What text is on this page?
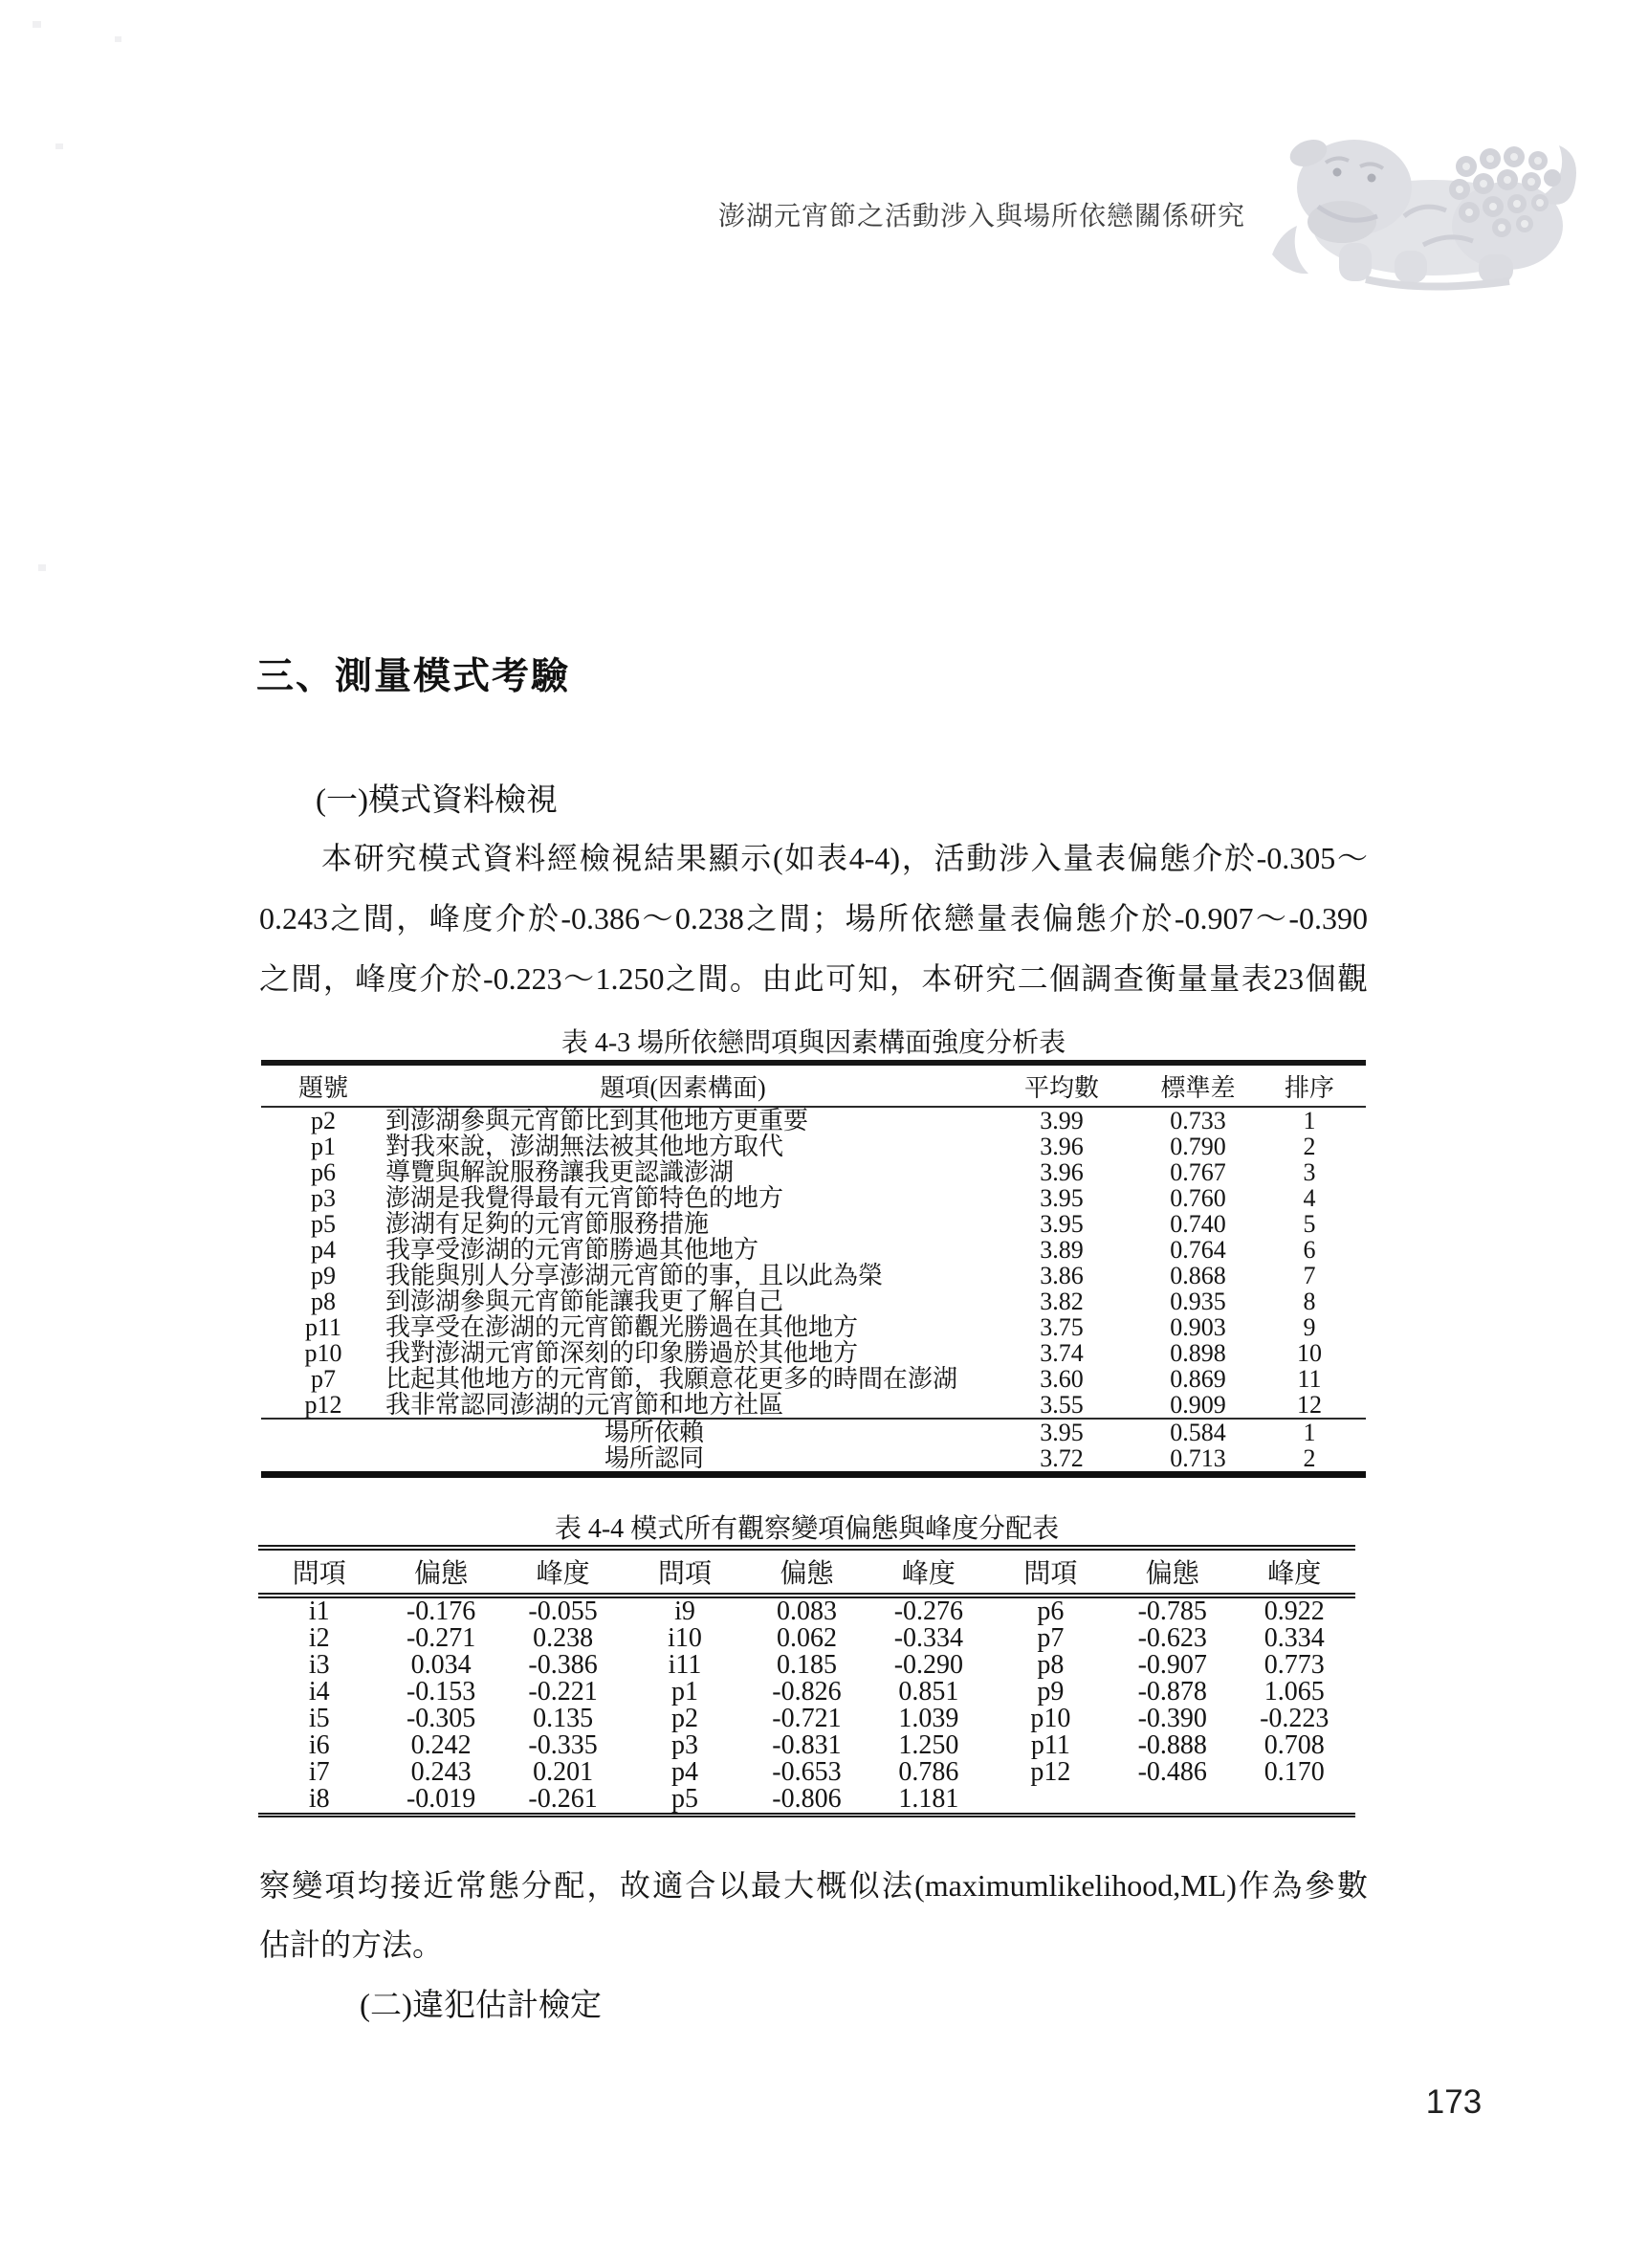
澎湖元宵節之活動涉入與場所依戀關係研究
三、測量模式考驗
(一)模式資料檢視
本研究模式資料經檢視結果顯示(如表4-4)，活動涉入量表偏態介於-0.305～
0.243之間，峰度介於-0.386～0.238之間；場所依戀量表偏態介於-0.907～-0.390
之間，峰度介於-0.223～1.250之間。由此可知，本研究二個調查衡量量表23個觀
表 4-3 場所依戀問項與因素構面強度分析表
題號	題項(因素構面)	平均數	標準差	排序
p2	到澎湖參與元宵節比到其他地方更重要	3.99	0.733	1
p1	對我來說，澎湖無法被其他地方取代	3.96	0.790	2
p6	導覽與解說服務讓我更認識澎湖	3.96	0.767	3
p3	澎湖是我覺得最有元宵節特色的地方	3.95	0.760	4
p5	澎湖有足夠的元宵節服務措施	3.95	0.740	5
p4	我享受澎湖的元宵節勝過其他地方	3.89	0.764	6
p9	我能與別人分享澎湖元宵節的事，且以此為榮	3.86	0.868	7
p8	到澎湖參與元宵節能讓我更了解自己	3.82	0.935	8
p11	我享受在澎湖的元宵節觀光勝過在其他地方	3.75	0.903	9
p10	我對澎湖元宵節深刻的印象勝過於其他地方	3.74	0.898	10
p7	比起其他地方的元宵節，我願意花更多的時間在澎湖	3.60	0.869	11
p12	我非常認同澎湖的元宵節和地方社區	3.55	0.909	12
場所依賴		3.95	0.584	1
場所認同		3.72	0.713	2
表 4-4 模式所有觀察變項偏態與峰度分配表
問項	偏態	峰度	問項	偏態	峰度	問項	偏態	峰度
i1	-0.176	-0.055	i9	0.083	-0.276	p6	-0.785	0.922
i2	-0.271	0.238	i10	0.062	-0.334	p7	-0.623	0.334
i3	0.034	-0.386	i11	0.185	-0.290	p8	-0.907	0.773
i4	-0.153	-0.221	p1	-0.826	0.851	p9	-0.878	1.065
i5	-0.305	0.135	p2	-0.721	1.039	p10	-0.390	-0.223
i6	0.242	-0.335	p3	-0.831	1.250	p11	-0.888	0.708
i7	0.243	0.201	p4	-0.653	0.786	p12	-0.486	0.170
i8	-0.019	-0.261	p5	-0.806	1.181			
察變項均接近常態分配，故適合以最大概似法(maximumlikelihood,ML)作為參數
估計的方法。
(二)違犯估計檢定
173
